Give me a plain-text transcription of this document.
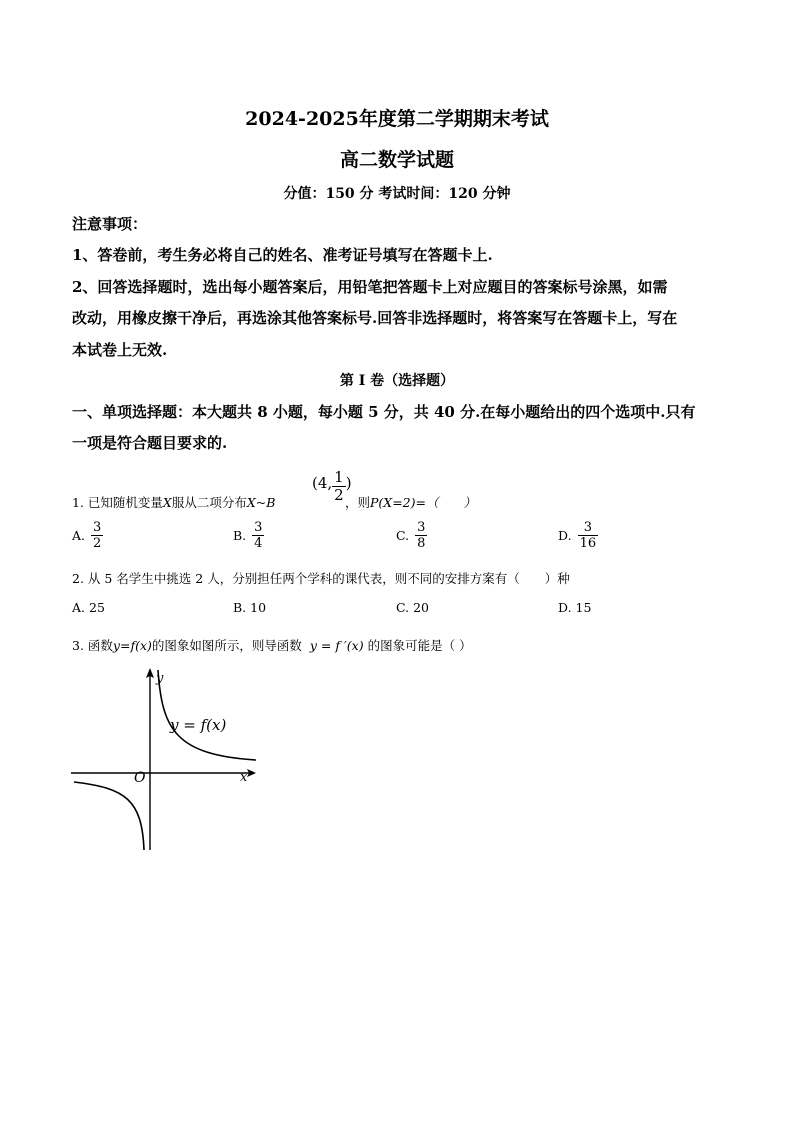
2024-2025年度第二学期期末考试
高二数学试题
分值：150 分 考试时间：120 分钟
注意事项：
1、答卷前，考生务必将自己的姓名、准考证号填写在答题卡上.
2、回答选择题时，选出每小题答案后，用铅笔把答题卡上对应题目的答案标号涂黑，如需
改动，用橡皮擦干净后，再选涂其他答案标号.回答非选择题时，将答案写在答题卡上，写在
本试卷上无效.
第 I 卷（选择题）
一、单项选择题：本大题共 8 小题，每小题 5 分，共 40 分.在每小题给出的四个选项中.只有
一项是符合题目要求的.
1. 已知随机变量X服从二项分布X~B
(4, $\frac{1}{2}$ )
，则P(X=2)=（　　）
A. $\frac{3}{2}$	B. $\frac{3}{4}$	C. $\frac{3}{8}$	D. $\frac{3}{16}$
2. 从 5 名学生中挑选 2 人，分别担任两个学科的课代表，则不同的安排方案有（　　）种
A. 25	B. 10	C. 20	D. 15
3. 函数y=f(x)的图象如图所示，则导函数 y = f ′(x) 的图象可能是（ ）
y
x
O
y = f(x)
